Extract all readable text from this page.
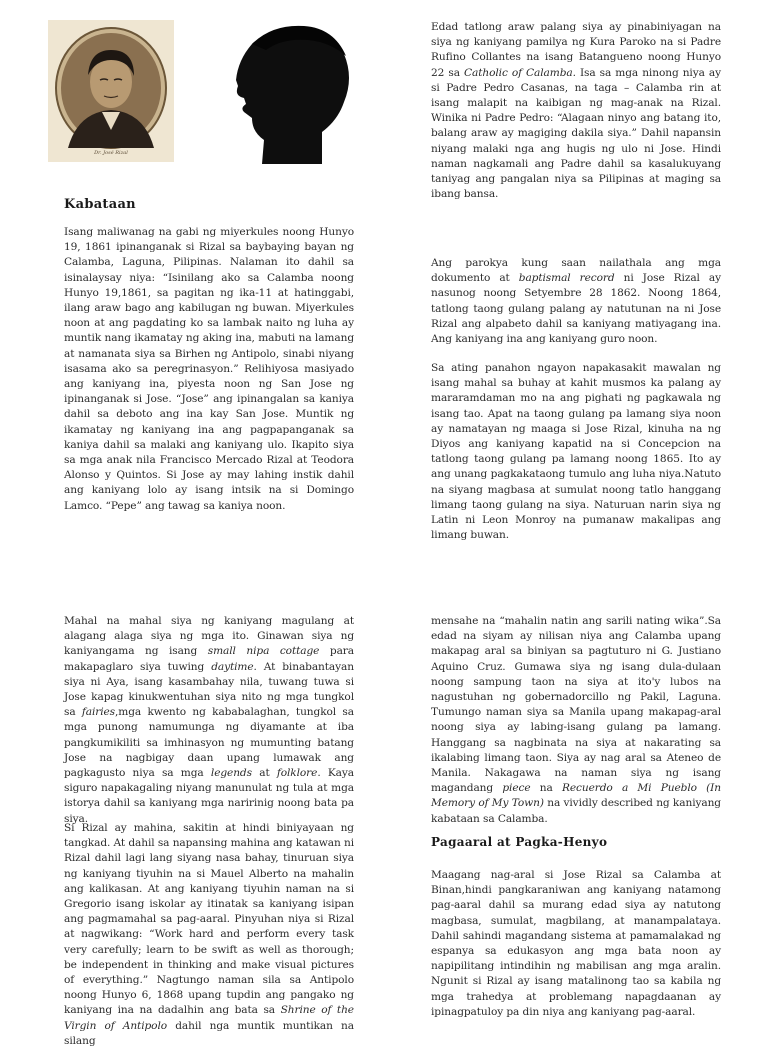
Dr. José Rizal
Kabataan

Isang maliwanag na gabi ng miyerkules noong Hunyo 19, 1861 ipinanganak si Rizal sa baybaying bayan ng Calamba, Laguna, Pilipinas. Nalaman ito dahil sa isinalaysay niya: “Isinilang ako sa Calamba noong Hunyo 19,1861, sa pagitan ng ika-11 at hatinggabi, ilang araw bago ang kabilugan ng buwan. Miyerkules noon at ang pagdating ko sa lambak naito ng luha ay muntik nang ikamatay ng aking ina, mabuti na lamang at namanata siya sa Birhen ng Antipolo, sinabi niyang isasama ako sa peregrinasyon.” Relihiyosa masiyado ang kaniyang ina, piyesta noon ng San Jose ng ipinanganak si Jose. “Jose” ang ipinangalan sa kaniya dahil sa deboto ang ina kay San Jose. Muntik ng ikamatay ng kaniyang ina ang pagpapanganak sa kaniya dahil sa malaki ang kaniyang ulo. Ikapito siya sa mga anak nila Francisco Mercado Rizal at Teodora Alonso y Quintos. Si Jose ay may lahing instik dahil ang kaniyang lolo ay isang intsik na si Domingo Lamco. “Pepe” ang tawag sa kaniya noon.

Mahal na mahal siya ng kaniyang magulang at alagang alaga siya ng mga ito. Ginawan siya ng kaniyangama ng isang small nipa cottage para makapaglaro siya tuwing daytime. At binabantayan siya ni Aya, isang kasambahay nila, tuwang tuwa si Jose kapag kinukwentuhan siya nito ng mga tungkol sa fairies,mga kwento ng kababalaghan, tungkol sa mga punong namumunga ng diyamante at iba pangkumikiliti sa imhinasyon ng mumunting batang Jose na nagbigay daan upang lumawak ang pagkagusto niya sa mga legends at folklore. Kaya siguro napakagaling niyang manunulat ng tula at mga istorya dahil sa kaniyang mga naririnig noong bata pa siya.

Si Rizal ay mahina, sakitin at hindi biniyayaan ng tangkad. At dahil sa napansing mahina ang katawan ni Rizal dahil lagi lang siyang nasa bahay, tinuruan siya ng kaniyang tiyuhin na si Mauel Alberto na mahalin ang kalikasan. At ang kaniyang tiyuhin naman na si Gregorio isang iskolar ay itinatak sa kaniyang isipan ang pagmamahal sa pag-aaral. Pinyuhan niya si Rizal at nagwikang: “Work hard and perform every task very carefully; learn to be swift as well as thorough; be independent in thinking and make visual pictures of everything.” Nagtungo naman sila sa Antipolo noong Hunyo 6, 1868 upang tupdin ang pangako ng kaniyang ina na dadalhin ang bata sa Shrine of the Virgin of Antipolo dahil nga muntik muntikan na silang

Edad tatlong araw palang siya ay pinabiniyagan na siya ng kaniyang pamilya ng Kura Paroko na si Padre Rufino Collantes na isang Batangueno noong Hunyo 22 sa Catholic of Calamba. Isa sa mga ninong niya ay si Padre Pedro Casanas, na taga – Calamba rin at isang malapit na kaibigan ng mag-anak na Rizal. Winika ni Padre Pedro: “Alagaan ninyo ang batang ito, balang araw ay magiging dakila siya.” Dahil napansin niyang malaki nga ang hugis ng ulo ni Jose. Hindi naman nagkamali ang Padre dahil sa kasalukuyang taniyag ang pangalan niya sa Pilipinas at maging sa ibang bansa.

Ang parokya kung saan nailathala ang mga dokumento at baptismal record ni Jose Rizal ay nasunog noong Setyembre 28 1862. Noong 1864, tatlong taong gulang palang ay natutunan na ni Jose Rizal ang alpabeto dahil sa kaniyang matiyagang ina. Ang kaniyang ina ang kaniyang guro noon.

Sa ating panahon ngayon napakasakit mawalan ng isang mahal sa buhay at kahit musmos ka palang ay mararamdaman mo na ang pighati ng pagkawala ng isang tao. Apat na taong gulang pa lamang siya noon ay namatayan ng maaga si Jose Rizal, kinuha na ng Diyos ang kaniyang kapatid na si Concepcion na tatlong taong gulang pa lamang noong 1865. Ito ay ang unang pagkakataong tumulo ang luha niya.Natuto na siyang magbasa at sumulat noong tatlo hanggang limang taong gulang na siya. Naturuan narin siya ng Latin ni Leon Monroy na pumanaw makalipas ang limang buwan.

mensahe na “mahalin natin ang sarili nating wika”.Sa edad na siyam ay nilisan niya ang Calamba upang makapag aral sa biniyan sa pagtuturo ni G. Justiano Aquino Cruz. Gumawa siya ng isang dula-dulaan noong sampung taon na siya at ito'y lubos na nagustuhan ng gobernadorcillo ng Pakil, Laguna. Tumungo naman siya sa Manila upang makapag-aral noong siya ay labing-isang gulang pa lamang. Hanggang sa nagbinata na siya at nakarating sa ikalabing limang taon. Siya ay nag aral sa Ateneo de Manila. Nakagawa na naman siya ng isang magandang piece na Recuerdo a Mi Pueblo (In Memory of My Town) na vividly described ng kaniyang kabataan sa Calamba.

Pagaaral at Pagka-Henyo

Maagang nag-aral si Jose Rizal sa Calamba at Binan,hindi pangkaraniwan ang kaniyang natamong pag-aaral dahil sa murang edad siya ay natutong magbasa, sumulat, magbilang, at manampalataya. Dahil sahindi magandang sistema at pamamalakad ng espanya sa edukasyon ang mga bata noon ay napipilitang intindihin ng mabilisan ang mga aralin. Ngunit si Rizal ay isang matalinong tao sa kabila ng mga trahedya at problemang napagdaanan ay ipinagpatuloy pa din niya ang kaniyang pag-aaral.
